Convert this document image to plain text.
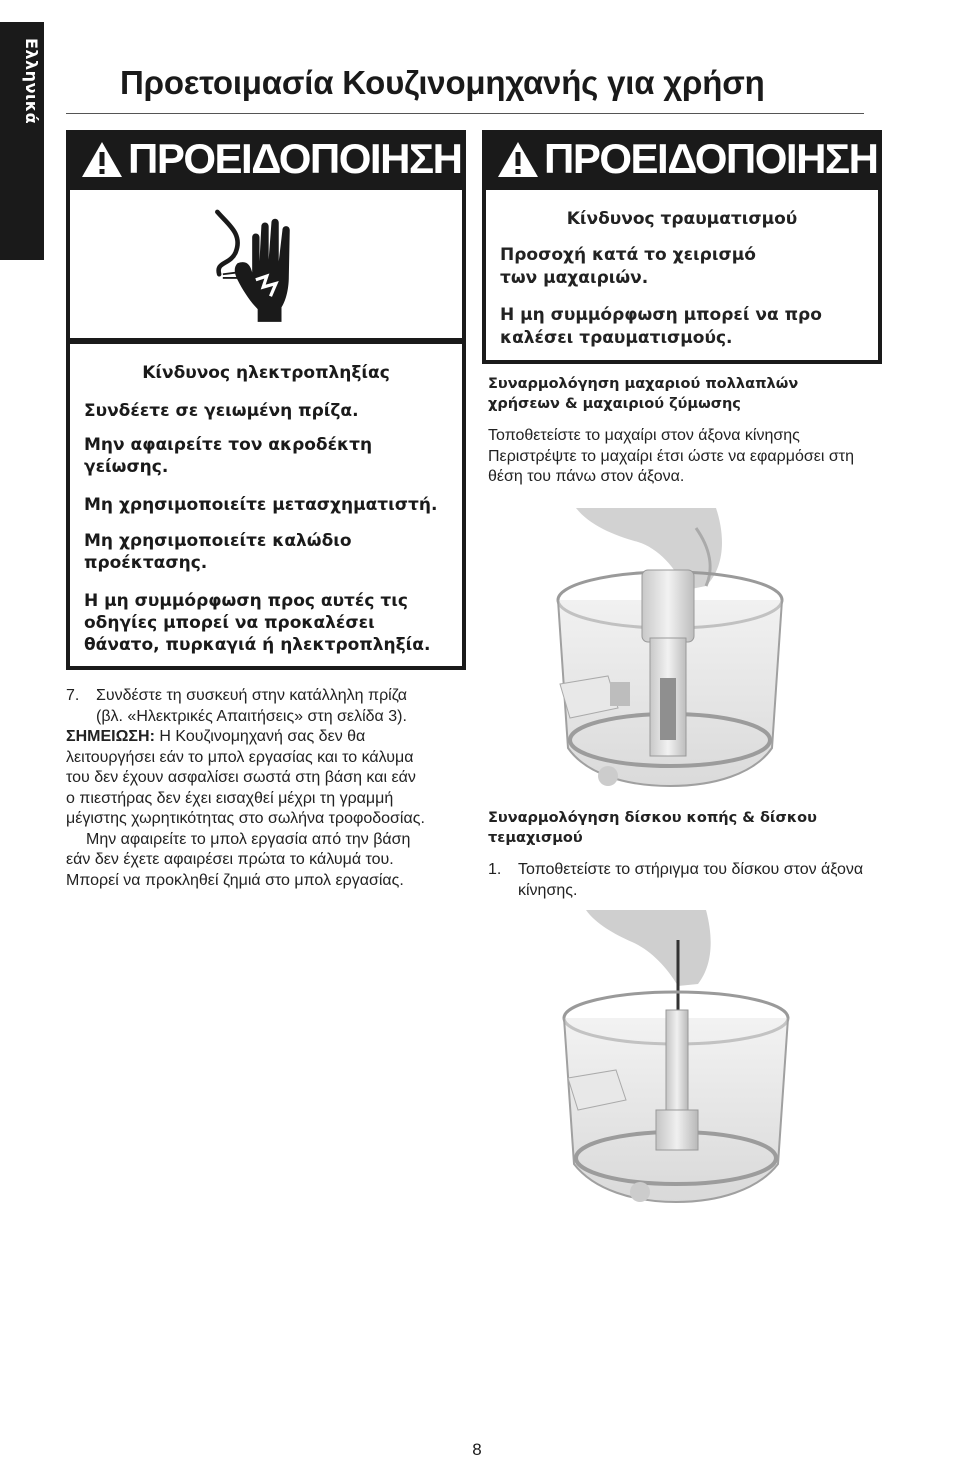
Ελληνικά Προετοιμασία Κουζινομηχανής για χρήση
ΠΡΟΕΙΔΟΠΟΙΗΣΗ

Κίνδυνος ηλεκτροπληξίας

Συνδέετε σε γειωμένη πρίζα.

Μην αφαιρείτε τον ακροδέκτη γείωσης.

Μη χρησιμοποιείτε μετασχηματιστή.

Μη χρησιμοποιείτε καλώδιο προέκτασης.

Η μη συμμόρφωση προς αυτές τις οδηγίες μπορεί να προκαλέσει θάνατο, πυρκαγιά ή ηλεκτροπληξία.

ΠΡΟΕΙΔΟΠΟΙΗΣΗ

Κίνδυνος τραυματισμού

Προσοχή κατά το χειρισμό των μαχαιριών.

Η μη συμμόρφωση μπορεί να προ καλέσει τραυματισμούς.

7. Συνδέστε τη συσκευή στην κατάλληλη πρίζα (βλ. «Ηλεκτρικές Απαιτήσεις» στη σελίδα 3).

ΣΗΜΕΙΩΣΗ: Η Κουζινομηχανή σας δεν θα λειτουργήσει εάν το μπολ εργασίας και το κάλυμα του δεν έχουν ασφαλίσει σωστά στη βάση και εάν ο πιεστήρας δεν έχει εισαχθεί μέχρι τη γραμμή μέγιστης χωρητικότητας στο σωλήνα τροφοδοσίας.

Μην αφαιρείτε το μπολ εργασία από την βάση εάν δεν έχετε αφαιρέσει πρώτα το κάλυμά του. Μπορεί να προκληθεί ζημιά στο μπολ εργασίας.

Συναρμολόγηση μαχαριού πολλαπλών χρήσεων & μαχαιριού ζύμωσης
Τοποθετείστε το μαχαίρι στον άξονα κίνησης Περιστρέψτε το μαχαίρι έτσι ώστε να εφαρμόσει στη θέση του πάνω στον άξονα.
Συναρμολόγηση δίσκου κοπής & δίσκου τεμαχισμού
1. Τοποθετείστε το στήριγμα του δίσκου στον άξονα κίνησης.
8
